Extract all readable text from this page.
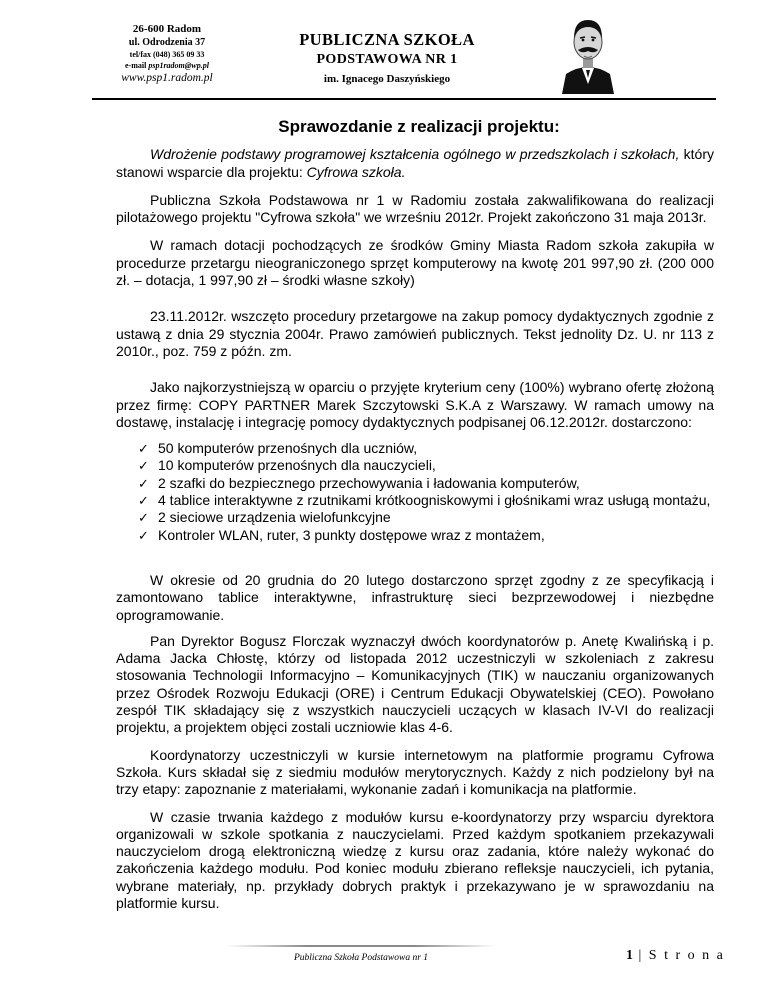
26-600 Radom
ul. Odrodzenia 37
tel/fax (048) 365 09 33
e-mail psp1radom@wp.pl
www.psp1.radom.pl
PUBLICZNA SZKOŁA
PODSTAWOWA NR 1
im. Ignacego Daszyńskiego
Sprawozdanie z realizacji projektu:

Wdrożenie podstawy programowej kształcenia ogólnego w przedszkolach i szkołach, który stanowi wsparcie dla projektu: Cyfrowa szkoła.

Publiczna Szkoła Podstawowa nr 1 w Radomiu została zakwalifikowana do realizacji pilotażowego projektu "Cyfrowa szkoła" we wrześniu 2012r. Projekt zakończono 31 maja 2013r.

W ramach dotacji pochodzących ze środków Gminy Miasta Radom szkoła zakupiła w procedurze przetargu nieograniczonego sprzęt komputerowy na kwotę 201 997,90 zł. (200 000 zł. – dotacja, 1 997,90 zł – środki własne szkoły)

23.11.2012r. wszczęto procedury przetargowe na zakup pomocy dydaktycznych zgodnie z ustawą z dnia 29 stycznia 2004r. Prawo zamówień publicznych. Tekst jednolity Dz. U. nr 113 z 2010r., poz. 759 z późn. zm.

Jako najkorzystniejszą w oparciu o przyjęte kryterium ceny (100%) wybrano ofertę złożoną przez firmę: COPY PARTNER Marek Szczytowski S.K.A z Warszawy. W ramach umowy na dostawę, instalację i integrację pomocy dydaktycznych podpisanej 06.12.2012r. dostarczono:

✓ 50 komputerów przenośnych dla uczniów,
✓ 10 komputerów przenośnych dla nauczycieli,
✓ 2 szafki do bezpiecznego przechowywania i ładowania komputerów,
✓ 4 tablice interaktywne z rzutnikami krótkoogniskowymi i głośnikami wraz usługą montażu,
✓ 2 sieciowe urządzenia wielofunkcyjne
✓ Kontroler WLAN, ruter, 3 punkty dostępowe wraz z montażem,

W okresie od 20 grudnia do 20 lutego dostarczono sprzęt zgodny z ze specyfikacją i zamontowano tablice interaktywne, infrastrukturę sieci bezprzewodowej i niezbędne oprogramowanie.

Pan Dyrektor Bogusz Florczak wyznaczył dwóch koordynatorów p. Anetę Kwalińską i p. Adama Jacka Chłostę, którzy od listopada 2012 uczestniczyli w szkoleniach z zakresu stosowania Technologii Informacyjno – Komunikacyjnych (TIK) w nauczaniu organizowanych przez Ośrodek Rozwoju Edukacji (ORE) i Centrum Edukacji Obywatelskiej (CEO). Powołano zespół TIK składający się z wszystkich nauczycieli uczących w klasach IV-VI do realizacji projektu, a projektem objęci zostali uczniowie klas 4-6.

Koordynatorzy uczestniczyli w kursie internetowym na platformie programu Cyfrowa Szkoła. Kurs składał się z siedmiu modułów merytorycznych. Każdy z nich podzielony był na trzy etapy: zapoznanie z materiałami, wykonanie zadań i komunikacja na platformie.

W czasie trwania każdego z modułów kursu e-koordynatorzy przy wsparciu dyrektora organizowali w szkole spotkania z nauczycielami. Przed każdym spotkaniem przekazywali nauczycielom drogą elektroniczną wiedzę z kursu oraz zadania, które należy wykonać do zakończenia każdego modułu. Pod koniec modułu zbierano refleksje nauczycieli, ich pytania, wybrane materiały, np. przykłady dobrych praktyk i przekazywano je w sprawozdaniu na platformie kursu.

Publiczna Szkoła Podstawowa nr 1	1 | S t r o n a
